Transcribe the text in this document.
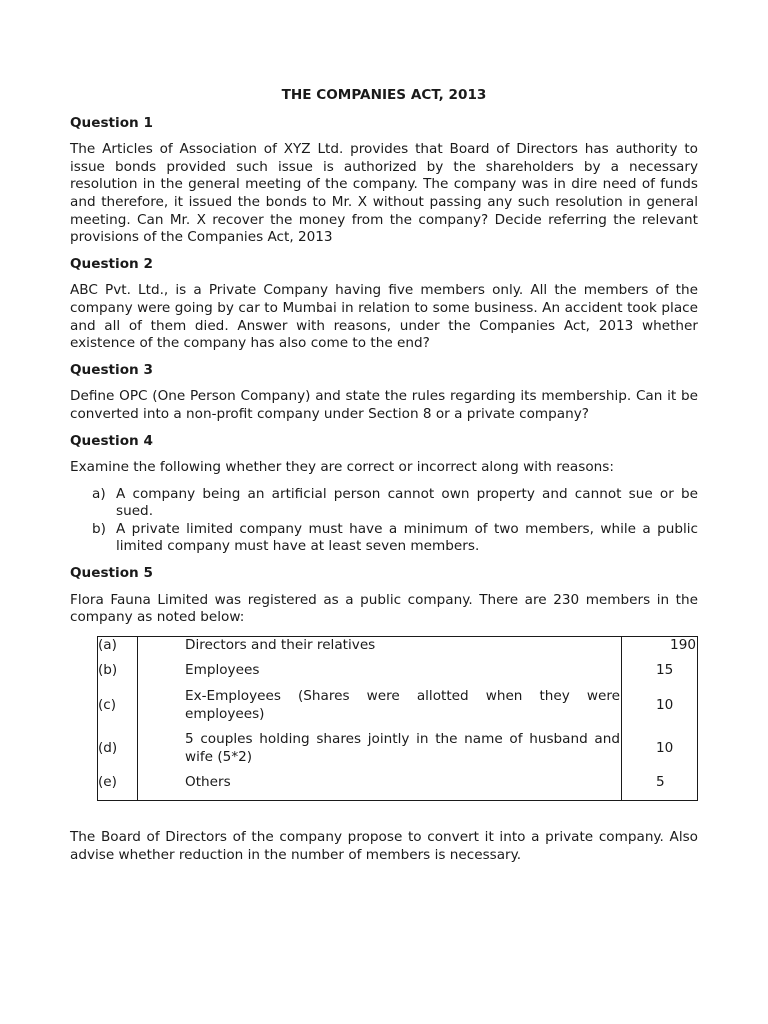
THE COMPANIES ACT, 2013
Question 1
The Articles of Association of XYZ Ltd. provides that Board of Directors has authority to issue bonds provided such issue is authorized by the shareholders by a necessary resolution in the general meeting of the company. The company was in dire need of funds and therefore, it issued the bonds to Mr. X without passing any such resolution in general meeting. Can Mr. X recover the money from the company? Decide referring the relevant provisions of the Companies Act, 2013
Question 2
ABC Pvt. Ltd., is a Private Company having five members only. All the members of the company were going by car to Mumbai in relation to some business. An accident took place and all of them died. Answer with reasons, under the Companies Act, 2013 whether existence of the company has also come to the end?
Question 3
Define OPC (One Person Company) and state the rules regarding its membership. Can it be converted into a non-profit company under Section 8 or a private company?
Question 4
Examine the following whether they are correct or incorrect along with reasons:
a) A company being an artificial person cannot own property and cannot sue or be sued.
b) A private limited company must have a minimum of two members, while a public limited company must have at least seven members.
Question 5
Flora Fauna Limited was registered as a public company. There are 230 members in the company as noted below:
(a)		Directors and their relatives	190
(b)		Employees	15
(c)		Ex-Employees (Shares were allotted when they were employees)	10
(d)		5 couples holding shares jointly in the name of husband and wife (5*2)	10
(e)		Others	5
The Board of Directors of the company propose to convert it into a private company. Also advise whether reduction in the number of members is necessary.
